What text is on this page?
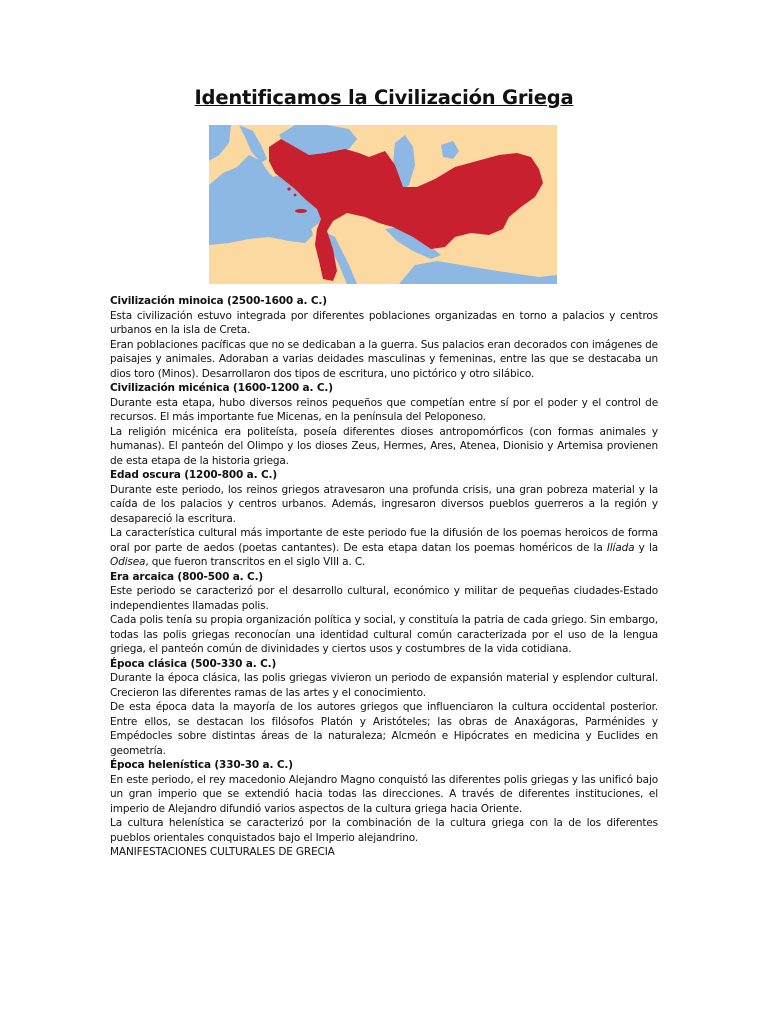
Identificamos la Civilización Griega

Civilización minoica (2500-1600 a. C.)

Esta civilización estuvo integrada por diferentes poblaciones organizadas en torno a palacios y centros urbanos en la isla de Creta.

Eran poblaciones pacíficas que no se dedicaban a la guerra. Sus palacios eran decorados con imágenes de paisajes y animales. Adoraban a varias deidades masculinas y femeninas, entre las que se destacaba un dios toro (Minos). Desarrollaron dos tipos de escritura, uno pictórico y otro silábico.

Civilización micénica (1600-1200 a. C.)

Durante esta etapa, hubo diversos reinos pequeños que competían entre sí por el poder y el control de recursos. El más importante fue Micenas, en la península del Peloponeso.

La religión micénica era politeísta, poseía diferentes dioses antropomórficos (con formas animales y humanas). El panteón del Olimpo y los dioses Zeus, Hermes, Ares, Atenea, Dionisio y Artemisa provienen de esta etapa de la historia griega.

Edad oscura (1200-800 a. C.)

Durante este periodo, los reinos griegos atravesaron una profunda crisis, una gran pobreza material y la caída de los palacios y centros urbanos. Además, ingresaron diversos pueblos guerreros a la región y desapareció la escritura.

La característica cultural más importante de este periodo fue la difusión de los poemas heroicos de forma oral por parte de aedos (poetas cantantes). De esta etapa datan los poemas homéricos de la Ilíada y la Odisea, que fueron transcritos en el siglo VIII a. C.

Era arcaica (800-500 a. C.)

Este periodo se caracterizó por el desarrollo cultural, económico y militar de pequeñas ciudades-Estado independientes llamadas polis.

Cada polis tenía su propia organización política y social, y constituía la patria de cada griego. Sin embargo, todas las polis griegas reconocían una identidad cultural común caracterizada por el uso de la lengua griega, el panteón común de divinidades y ciertos usos y costumbres de la vida cotidiana.

Época clásica (500-330 a. C.)

Durante la época clásica, las polis griegas vivieron un periodo de expansión material y esplendor cultural. Crecieron las diferentes ramas de las artes y el conocimiento.

De esta época data la mayoría de los autores griegos que influenciaron la cultura occidental posterior. Entre ellos, se destacan los filósofos Platón y Aristóteles; las obras de Anaxágoras, Parménides y Empédocles sobre distintas áreas de la naturaleza; Alcmeón e Hipócrates en medicina y Euclides en geometría.

Época helenística (330-30 a. C.)

En este periodo, el rey macedonio Alejandro Magno conquistó las diferentes polis griegas y las unificó bajo un gran imperio que se extendió hacia todas las direcciones. A través de diferentes instituciones, el imperio de Alejandro difundió varios aspectos de la cultura griega hacia Oriente.

La cultura helenística se caracterizó por la combinación de la cultura griega con la de los diferentes pueblos orientales conquistados bajo el Imperio alejandrino.

MANIFESTACIONES CULTURALES DE GRECIA
